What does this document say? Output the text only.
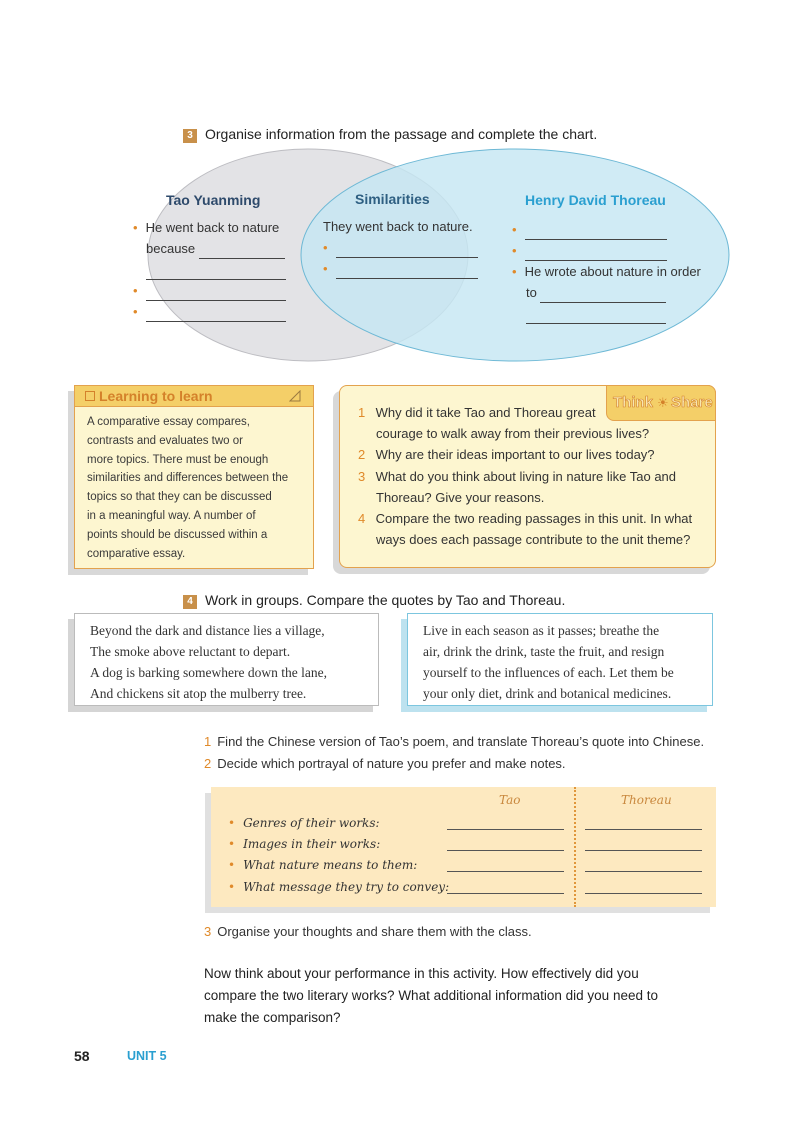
3 Organise information from the passage and complete the chart.
Tao Yuanming
• He went back to nature
because
•
•
Similarities
They went back to nature.
•
•
Henry David Thoreau
•
•
• He wrote about nature in order
to
Learning to learn
A comparative essay compares,
contrasts and evaluates two or
more topics. There must be enough
similarities and differences between the
topics so that they can be discussed
in a meaningful way. A number of
points should be discussed within a
comparative essay.
Think ☀ Share
1 Why did it take Tao and Thoreau great
courage to walk away from their previous lives?
2 Why are their ideas important to our lives today?
3 What do you think about living in nature like Tao and
Thoreau? Give your reasons.
4 Compare the two reading passages in this unit. In what
ways does each passage contribute to the unit theme?
4 Work in groups. Compare the quotes by Tao and Thoreau.
Beyond the dark and distance lies a village,
The smoke above reluctant to depart.
A dog is barking somewhere down the lane,
And chickens sit atop the mulberry tree.
Live in each season as it passes; breathe the
air, drink the drink, taste the fruit, and resign
yourself to the influences of each. Let them be
your only diet, drink and botanical medicines.
1 Find the Chinese version of Tao’s poem, and translate Thoreau’s quote into Chinese.
2 Decide which portrayal of nature you prefer and make notes.
Tao	Thoreau
• Genres of their works:
• Images in their works:
• What nature means to them:
• What message they try to convey:
3 Organise your thoughts and share them with the class.
Now think about your performance in this activity. How effectively did you
compare the two literary works? What additional information did you need to
make the comparison?
58	UNIT 5
